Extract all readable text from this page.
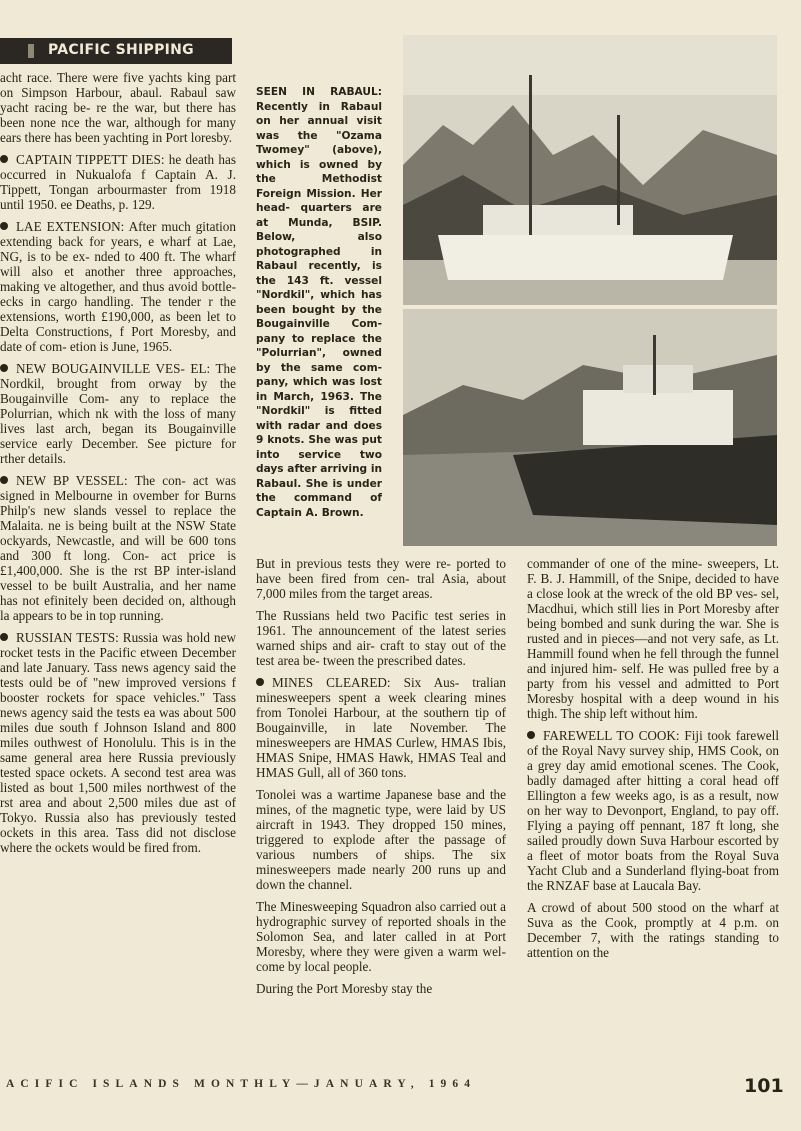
PACIFIC SHIPPING

acht race. There were five yachts king part on Simpson Harbour, abaul. Rabaul saw yacht racing be- re the war, but there has been none nce the war, although for many ears there has been yachting in Port loresby.

CAPTAIN TIPPETT DIES: he death has occurred in Nukualofa f Captain A. J. Tippett, Tongan arbourmaster from 1918 until 1950. ee Deaths, p. 129.

LAE EXTENSION: After much gitation extending back for years, e wharf at Lae, NG, is to be ex- nded to 400 ft. The wharf will also et another three approaches, making ve altogether, and thus avoid bottle- ecks in cargo handling. The tender r the extensions, worth £190,000, as been let to Delta Constructions, f Port Moresby, and date of com- etion is June, 1965.

NEW BOUGAINVILLE VES- EL: The Nordkil, brought from orway by the Bougainville Com- any to replace the Polurrian, which nk with the loss of many lives last arch, began its Bougainville service early December. See picture for rther details.

NEW BP VESSEL: The con- act was signed in Melbourne in ovember for Burns Philp's new slands vessel to replace the Malaita. ne is being built at the NSW State ockyards, Newcastle, and will be 600 tons and 300 ft long. Con- act price is £1,400,000. She is the rst BP inter-island vessel to be built Australia, and her name has not efinitely been decided on, although la appears to be in top running.

RUSSIAN TESTS: Russia was hold new rocket tests in the Pacific etween December and late January. Tass news agency said the tests ould be of "new improved versions f booster rockets for space vehicles." Tass news agency said the tests ea was about 500 miles due south f Johnson Island and 800 miles outhwest of Honolulu. This is in the same general area here Russia previously tested space ockets. A second test area was listed as bout 1,500 miles northwest of the rst area and about 2,500 miles due ast of Tokyo. Russia also has previously tested ockets in this area. Tass did not disclose where the ockets would be fired from.

SEEN IN RABAUL: Recently in Rabaul on her annual visit was the "Ozama Twomey" (above), which is owned by the Methodist Foreign Mission. Her head- quarters are at Munda, BSIP. Below, also photographed in Rabaul recently, is the 143 ft. vessel "Nordkil", which has been bought by the Bougainville Com- pany to replace the "Polurrian", owned by the same com- pany, which was lost in March, 1963. The "Nordkil" is fitted with radar and does 9 knots. She was put into service two days after arriving in Rabaul. She is under the command of Captain A. Brown.

But in previous tests they were re- ported to have been fired from cen- tral Asia, about 7,000 miles from the target areas.

The Russians held two Pacific test series in 1961. The announcement of the latest series warned ships and air- craft to stay out of the test area be- tween the prescribed dates.

MINES CLEARED: Six Aus- tralian minesweepers spent a week clearing mines from Tonolei Harbour, at the southern tip of Bougainville, in late November. The minesweepers are HMAS Curlew, HMAS Ibis, HMAS Snipe, HMAS Hawk, HMAS Teal and HMAS Gull, all of 360 tons.

Tonolei was a wartime Japanese base and the mines, of the magnetic type, were laid by US aircraft in 1943. They dropped 150 mines, triggered to explode after the passage of various numbers of ships. The six minesweepers made nearly 200 runs up and down the channel.

The Minesweeping Squadron also carried out a hydrographic survey of reported shoals in the Solomon Sea, and later called in at Port Moresby, where they were given a warm wel- come by local people.

During the Port Moresby stay the

commander of one of the mine- sweepers, Lt. F. B. J. Hammill, of the Snipe, decided to have a close look at the wreck of the old BP ves- sel, Macdhui, which still lies in Port Moresby after being bombed and sunk during the war. She is rusted and in pieces—and not very safe, as Lt. Hammill found when he fell through the funnel and injured him- self. He was pulled free by a party from his vessel and admitted to Port Moresby hospital with a deep wound in his thigh. The ship left without him.

FAREWELL TO COOK: Fiji took farewell of the Royal Navy survey ship, HMS Cook, on a grey day amid emotional scenes. The Cook, badly damaged after hitting a coral head off Ellington a few weeks ago, is as a result, now on her way to Devonport, England, to pay off. Flying a paying off pennant, 187 ft long, she sailed proudly down Suva Harbour escorted by a fleet of motor boats from the Royal Suva Yacht Club and a Sunderland flying-boat from the RNZAF base at Laucala Bay.

A crowd of about 500 stood on the wharf at Suva as the Cook, promptly at 4 p.m. on December 7, with the ratings standing to attention on the

ACIFIC ISLANDS MONTHLY—JANUARY, 1964	101
